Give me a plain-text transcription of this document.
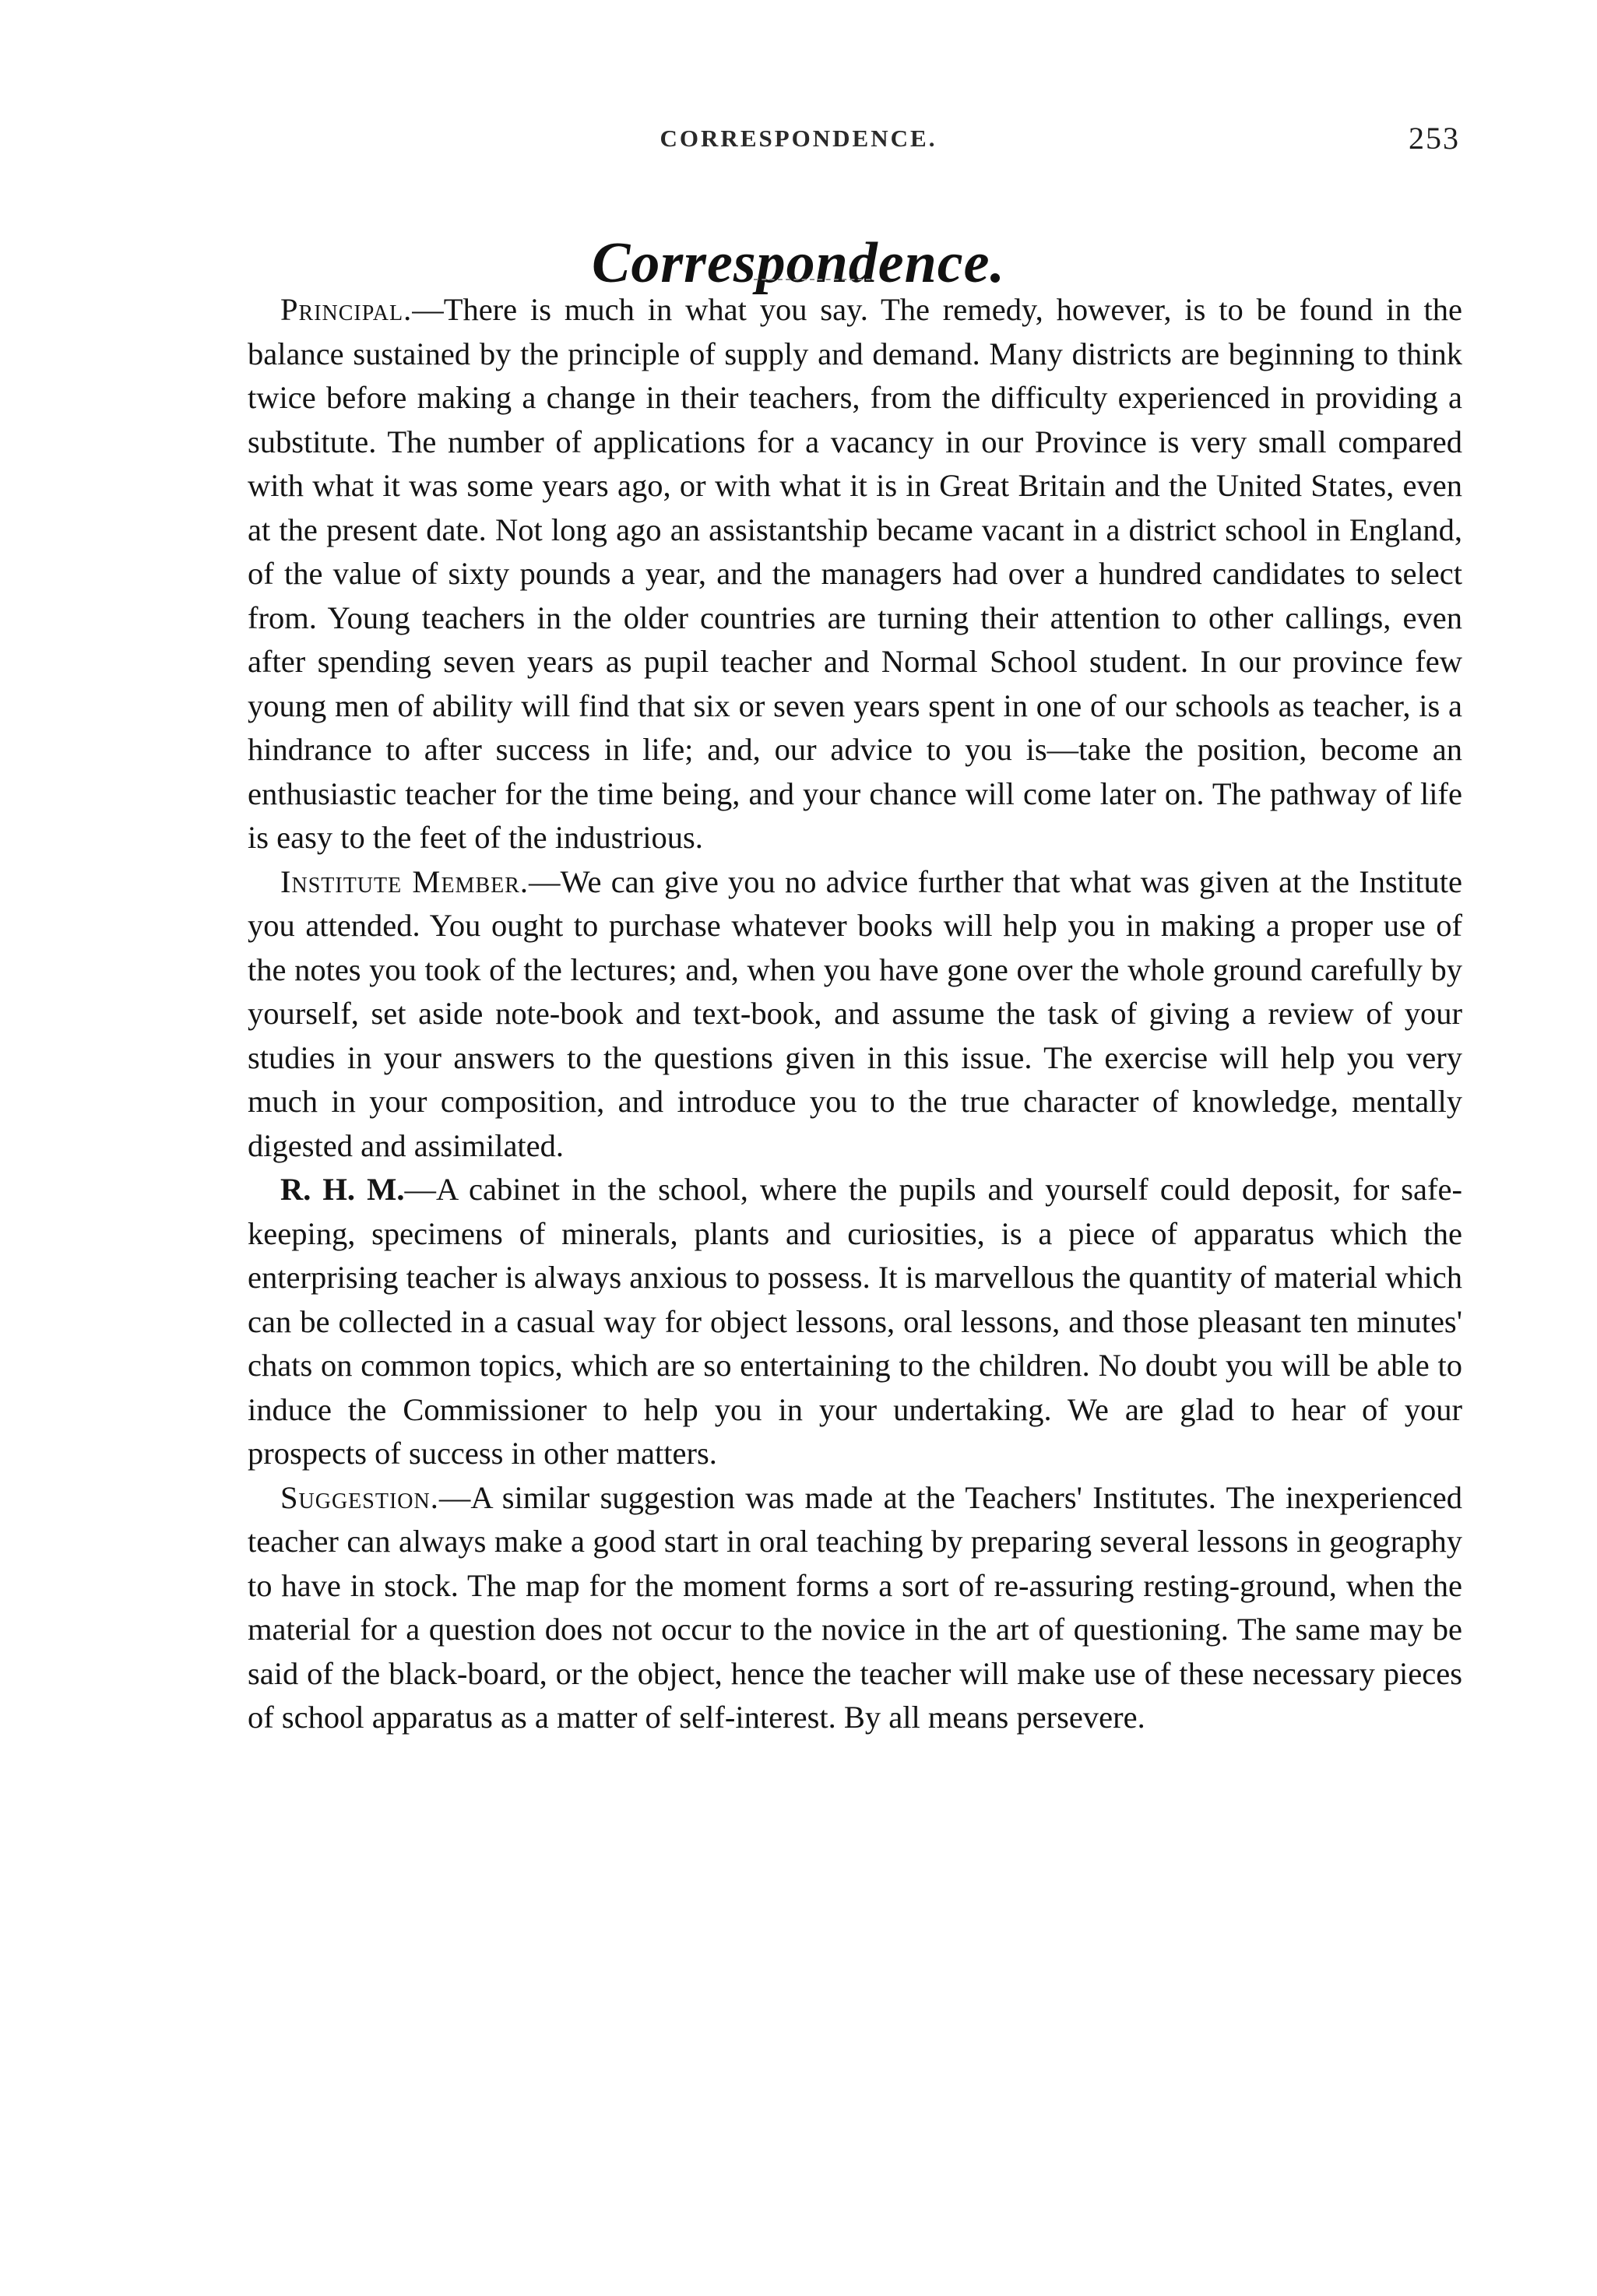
CORRESPONDENCE.	253
Correspondence.

Principal.—There is much in what you say. The remedy, however, is to be found in the balance sustained by the principle of supply and demand. Many districts are beginning to think twice before making a change in their teachers, from the difficulty experienced in providing a substitute. The number of applications for a vacancy in our Province is very small compared with what it was some years ago, or with what it is in Great Britain and the United States, even at the present date. Not long ago an assistantship became vacant in a district school in England, of the value of sixty pounds a year, and the managers had over a hundred candidates to select from. Young teachers in the older countries are turning their attention to other callings, even after spending seven years as pupil teacher and Normal School student. In our province few young men of ability will find that six or seven years spent in one of our schools as teacher, is a hindrance to after success in life; and, our advice to you is—take the position, become an enthusiastic teacher for the time being, and your chance will come later on. The pathway of life is easy to the feet of the industrious.

Institute Member.—We can give you no advice further that what was given at the Institute you attended. You ought to purchase whatever books will help you in making a proper use of the notes you took of the lectures; and, when you have gone over the whole ground carefully by yourself, set aside note-book and text-book, and assume the task of giving a review of your studies in your answers to the questions given in this issue. The exercise will help you very much in your composition, and introduce you to the true character of knowledge, mentally digested and assimilated.

R. H. M.—A cabinet in the school, where the pupils and yourself could deposit, for safe-keeping, specimens of minerals, plants and curiosities, is a piece of apparatus which the enterprising teacher is always anxious to possess. It is marvellous the quantity of material which can be collected in a casual way for object lessons, oral lessons, and those pleasant ten minutes' chats on common topics, which are so entertaining to the children. No doubt you will be able to induce the Commissioner to help you in your undertaking. We are glad to hear of your prospects of success in other matters.

Suggestion.—A similar suggestion was made at the Teachers' Institutes. The inexperienced teacher can always make a good start in oral teaching by preparing several lessons in geography to have in stock. The map for the moment forms a sort of re-assuring resting-ground, when the material for a question does not occur to the novice in the art of questioning. The same may be said of the black-board, or the object, hence the teacher will make use of these necessary pieces of school apparatus as a matter of self-interest. By all means persevere.
